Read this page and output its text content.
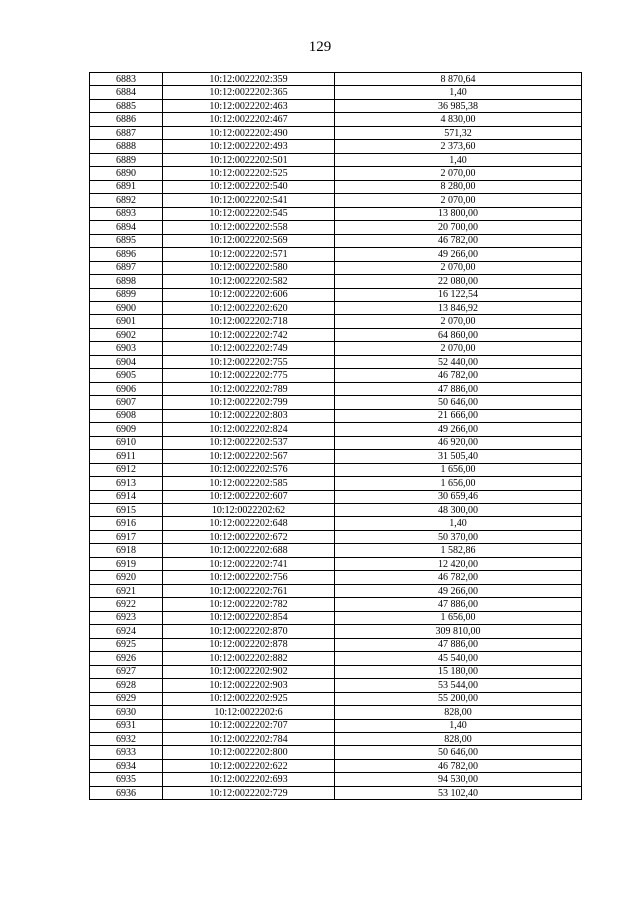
129
6883	10:12:0022202:359	8 870,64
6884	10:12:0022202:365	1,40
6885	10:12:0022202:463	36 985,38
6886	10:12:0022202:467	4 830,00
6887	10:12:0022202:490	571,32
6888	10:12:0022202:493	2 373,60
6889	10:12:0022202:501	1,40
6890	10:12:0022202:525	2 070,00
6891	10:12:0022202:540	8 280,00
6892	10:12:0022202:541	2 070,00
6893	10:12:0022202:545	13 800,00
6894	10:12:0022202:558	20 700,00
6895	10:12:0022202:569	46 782,00
6896	10:12:0022202:571	49 266,00
6897	10:12:0022202:580	2 070,00
6898	10:12:0022202:582	22 080,00
6899	10:12:0022202:606	16 122,54
6900	10:12:0022202:620	13 846,92
6901	10:12:0022202:718	2 070,00
6902	10:12:0022202:742	64 860,00
6903	10:12:0022202:749	2 070,00
6904	10:12:0022202:755	52 440,00
6905	10:12:0022202:775	46 782,00
6906	10:12:0022202:789	47 886,00
6907	10:12:0022202:799	50 646,00
6908	10:12:0022202:803	21 666,00
6909	10:12:0022202:824	49 266,00
6910	10:12:0022202:537	46 920,00
6911	10:12:0022202:567	31 505,40
6912	10:12:0022202:576	1 656,00
6913	10:12:0022202:585	1 656,00
6914	10:12:0022202:607	30 659,46
6915	10:12:0022202:62	48 300,00
6916	10:12:0022202:648	1,40
6917	10:12:0022202:672	50 370,00
6918	10:12:0022202:688	1 582,86
6919	10:12:0022202:741	12 420,00
6920	10:12:0022202:756	46 782,00
6921	10:12:0022202:761	49 266,00
6922	10:12:0022202:782	47 886,00
6923	10:12:0022202:854	1 656,00
6924	10:12:0022202:870	309 810,00
6925	10:12:0022202:878	47 886,00
6926	10:12:0022202:882	45 540,00
6927	10:12:0022202:902	15 180,00
6928	10:12:0022202:903	53 544,00
6929	10:12:0022202:925	55 200,00
6930	10:12:0022202:6	828,00
6931	10:12:0022202:707	1,40
6932	10:12:0022202:784	828,00
6933	10:12:0022202:800	50 646,00
6934	10:12:0022202:622	46 782,00
6935	10:12:0022202:693	94 530,00
6936	10:12:0022202:729	53 102,40
